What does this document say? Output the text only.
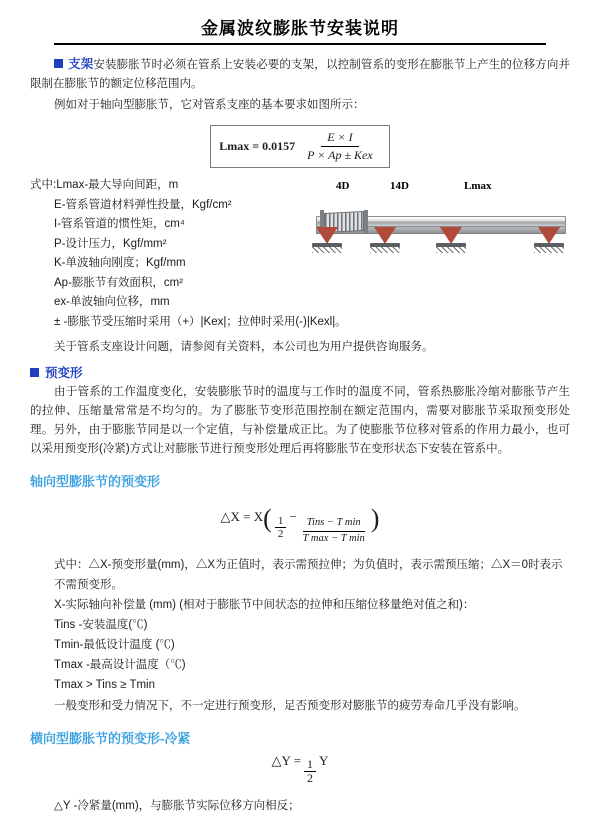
金属波纹膨胀节安装说明
支架安装膨胀节时必须在管系上安装必要的支架，以控制管系的变形在膨胀节上产生的位移方向并限制在膨胀节的额定位移范围内。

例如对于轴向型膨胀节，它对管系支座的基本要求如图所示：

$Lmax = 0.0157 \frac{E \times I}{\text{P × Ap ± Kex}}$
4D	14D	Lmax
式中:Lmax-最大导向间距，m
E-管系管道材料弹性投量，Kgf/cm²
I-管系管道的惯性矩，cm⁴
P-设计压力，Kgf/mm²
K-单波轴向刚度；Kgf/mm
Ap-膨胀节有效面积，cm²
ex-单波轴向位移，mm
± -膨胀节受压缩时采用（+）|Kex|；拉伸时采用(-)|Kexl|。

关于管系支座设计问题，请参阅有关资料，本公司也为用户提供咨询服务。

预变形

由于管系的工作温度变化，安装膨胀节时的温度与工作时的温度不同，管系热膨胀冷缩对膨胀节产生的拉伸、压缩量常常是不均匀的。为了膨胀节变形范围控制在额定范围内，需要对膨胀节采取预变形处理。另外，由于膨胀节同是以一个定值，与补偿量成正比。为了使膨胀节位移对管系的作用力最小，也可以采用预变形(冷紧)方式让对膨胀节进行预变形处理后再将膨胀节在变形状态下安装在管系中。

轴向型膨胀节的预变形
△X = $X( \frac{1}{2}$ −
$\frac{\text{Tins − T min}}{\text{T max − T min}}$ )
式中：△X-预变形量(mm)，△X为正值时，表示需预拉伸；为负值时，表示需预压缩；△X＝0时表示不需预变形。
X-实际轴向补偿量 (mm) (相对于膨胀节中间状态的拉伸和压缩位移量绝对值之和)：
Tins -安装温度(℃)
Tmin-最低设计温度 (℃)
Tmax -最高设计温度（℃)
Tmax > Tins ≥ Tmin
一般变形和受力情况下，不一定进行预变形，足否预变形对膨胀节的疲劳寿命几乎没有影响。
横向型膨胀节的预变形-冷紧
△Y = $\frac{1}{2}$ Y
△Y -冷紧量(mm)，与膨胀节实际位移方向相反；
